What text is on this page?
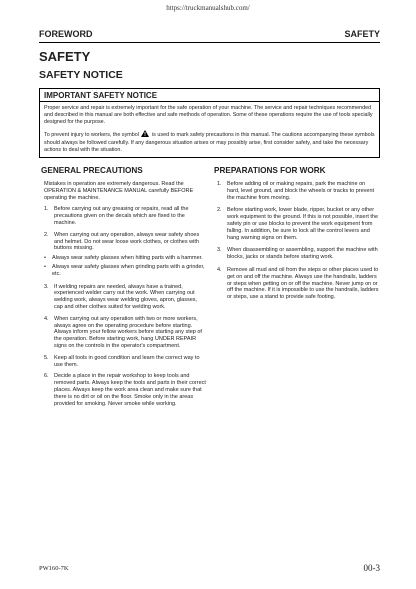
https://truckmanualshub.com/
FOREWORD	SAFETY
SAFETY
SAFETY NOTICE
IMPORTANT SAFETY NOTICE

Proper service and repair is extremely important for the safe operation of your machine. The service and repair techniques recommended and described in this manual are both effective and safe methods of operation. Some of these operations require the use of tools specially designed for the purpose.

To prevent injury to workers, the symbol is used to mark safety precautions in this manual. The cautions accompanying these symbols should always be followed carefully. If any dangerous situation arises or may possibly arise, first consider safety, and take the necessary actions to deal with the situation.

GENERAL PRECAUTIONS

Mistakes in operation are extremely dangerous. Read the OPERATION & MAINTENANCE MANUAL carefully BEFORE operating the machine.

1. Before carrying out any greasing or repairs, read all the precautions given on the decals which are fixed to the machine.
2. When carrying out any operation, always wear safety shoes and helmet. Do not wear loose work clothes, or clothes with buttons missing.
• Always wear safety glasses when hitting parts with a hammer.
• Always wear safety glasses when grinding parts with a grinder, etc.
3. If welding repairs are needed, always have a trained, experienced welder carry out the work. When carrying out welding work, always wear welding gloves, apron, glasses, cap and other clothes suited for welding work.
4. When carrying out any operation with two or more workers, always agree on the operating procedure before starting. Always inform your fellow workers before starting any step of the operation. Before starting work, hang UNDER REPAIR signs on the controls in the operator's compartment.
5. Keep all tools in good condition and learn the correct way to use them.
6. Decide a place in the repair workshop to keep tools and removed parts. Always keep the tools and parts in their correct places. Always keep the work area clean and make sure that there is no dirt or oil on the floor. Smoke only in the areas provided for smoking. Never smoke while working.
PREPARATIONS FOR WORK
1. Before adding oil or making repairs, park the machine on hard, level ground, and block the wheels or tracks to prevent the machine from moving.
2. Before starting work, lower blade, ripper, bucket or any other work equipment to the ground. If this is not possible, insert the safety pin or use blocks to prevent the work equipment from falling. In addition, be sure to lock all the control levers and hang warning signs on them.
3. When disassembling or assembling, support the machine with blocks, jacks or stands before starting work.
4. Remove all mud and oil from the steps or other places used to get on and off the machine. Always use the handrails, ladders or steps when getting on or off the machine. Never jump on or off the machine. If it is impossible to use the handrails, ladders or steps, use a stand to provide safe footing.
PW160-7K	00-3
